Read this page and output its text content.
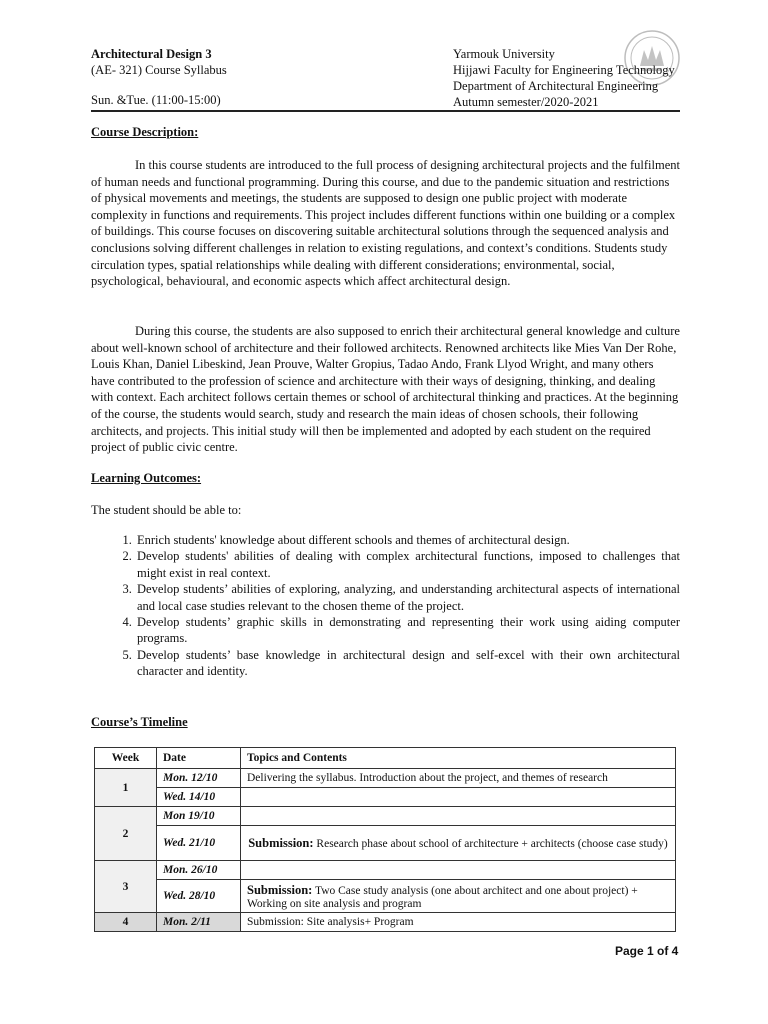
Architectural Design 3
(AE- 321) Course Syllabus
Sun. &Tue. (11:00-15:00)
Yarmouk University
Hijjawi Faculty for Engineering Technology
Department of Architectural Engineering
Autumn semester/2020-2021
Course Description:

In this course students are introduced to the full process of designing architectural projects and the fulfilment of human needs and functional programming. During this course, and due to the pandemic situation and restrictions of physical movements and meetings, the students are supposed to design one public project with moderate complexity in functions and requirements. This project includes different functions within one building or a complex of buildings. This course focuses on discovering suitable architectural solutions through the sequenced analysis and conclusions solving different challenges in relation to existing regulations, and context’s conditions. Students study circulation types, spatial relationships while dealing with different considerations; environmental, social, psychological, behavioural, and economic aspects which affect architectural design.

During this course, the students are also supposed to enrich their architectural general knowledge and culture about well-known school of architecture and their followed architects. Renowned architects like Mies Van Der Rohe, Louis Khan, Daniel Libeskind, Jean Prouve, Walter Gropius, Tadao Ando, Frank Llyod Wright, and many others have contributed to the profession of science and architecture with their ways of designing, thinking, and dealing with context. Each architect follows certain themes or school of architectural thinking and practices. At the beginning of the course, the students would search, study and research the main ideas of chosen schools, their following architects, and projects. This initial study will then be implemented and adopted by each student on the required project of public civic centre.

Learning Outcomes:
The student should be able to:
1. Enrich students' knowledge about different schools and themes of architectural design.
2. Develop students' abilities of dealing with complex architectural functions, imposed to challenges that might exist in real context.
3. Develop students’ abilities of exploring, analyzing, and understanding architectural aspects of international and local case studies relevant to the chosen theme of the project.
4. Develop students’ graphic skills in demonstrating and representing their work using aiding computer programs.
5. Develop students’ base knowledge in architectural design and self-excel with their own architectural character and identity.
Course’s Timeline
Week	Date	Topics and Contents
1	Mon. 12/10	Delivering the syllabus. Introduction about the project, and themes of research
	Wed. 14/10	
2	Mon 19/10	
	Wed. 21/10	Submission: Research phase about school of architecture + architects (choose case study)
3	Mon. 26/10	
	Wed. 28/10	Submission: Two Case study analysis (one about architect and one about project) + Working on site analysis and program
4	Mon. 2/11	Submission: Site analysis+ Program
Page 1 of 4
